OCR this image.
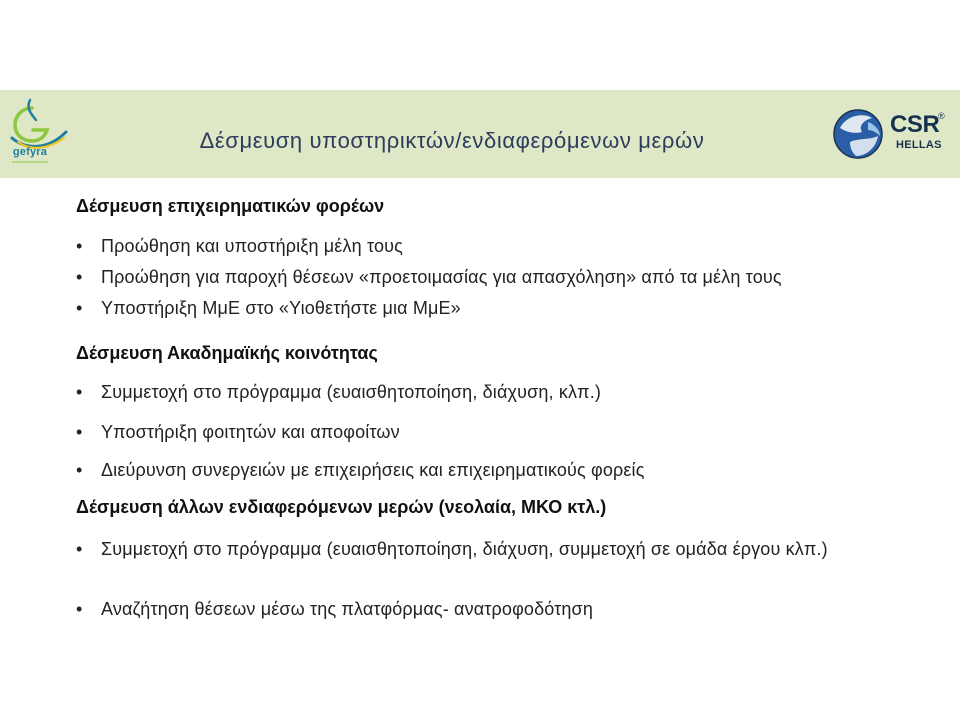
gefyra	Δέσμευση υποστηρικτών/ενδιαφερόμενων μερών
CSR
®
HELLAS
Δέσμευση επιχειρηματικών φορέων
•	Προώθηση και υποστήριξη μέλη τους
•	Προώθηση για παροχή θέσεων «προετοιμασίας για απασχόληση» από τα μέλη τους
•	Υποστήριξη ΜμΕ στο «Υιοθετήστε μια ΜμΕ»
Δέσμευση Ακαδημαϊκής κοινότητας
•	Συμμετοχή στο πρόγραμμα (ευαισθητοποίηση, διάχυση, κλπ.)
•	Υποστήριξη φοιτητών και αποφοίτων
•	Διεύρυνση συνεργειών με επιχειρήσεις και επιχειρηματικούς φορείς
Δέσμευση άλλων ενδιαφερόμενων μερών (νεολαία, ΜΚΟ κτλ.)
•	Συμμετοχή στο πρόγραμμα (ευαισθητοποίηση, διάχυση, συμμετοχή σε ομάδα έργου κλπ.)
•	Αναζήτηση θέσεων μέσω της πλατφόρμας- ανατροφοδότηση
